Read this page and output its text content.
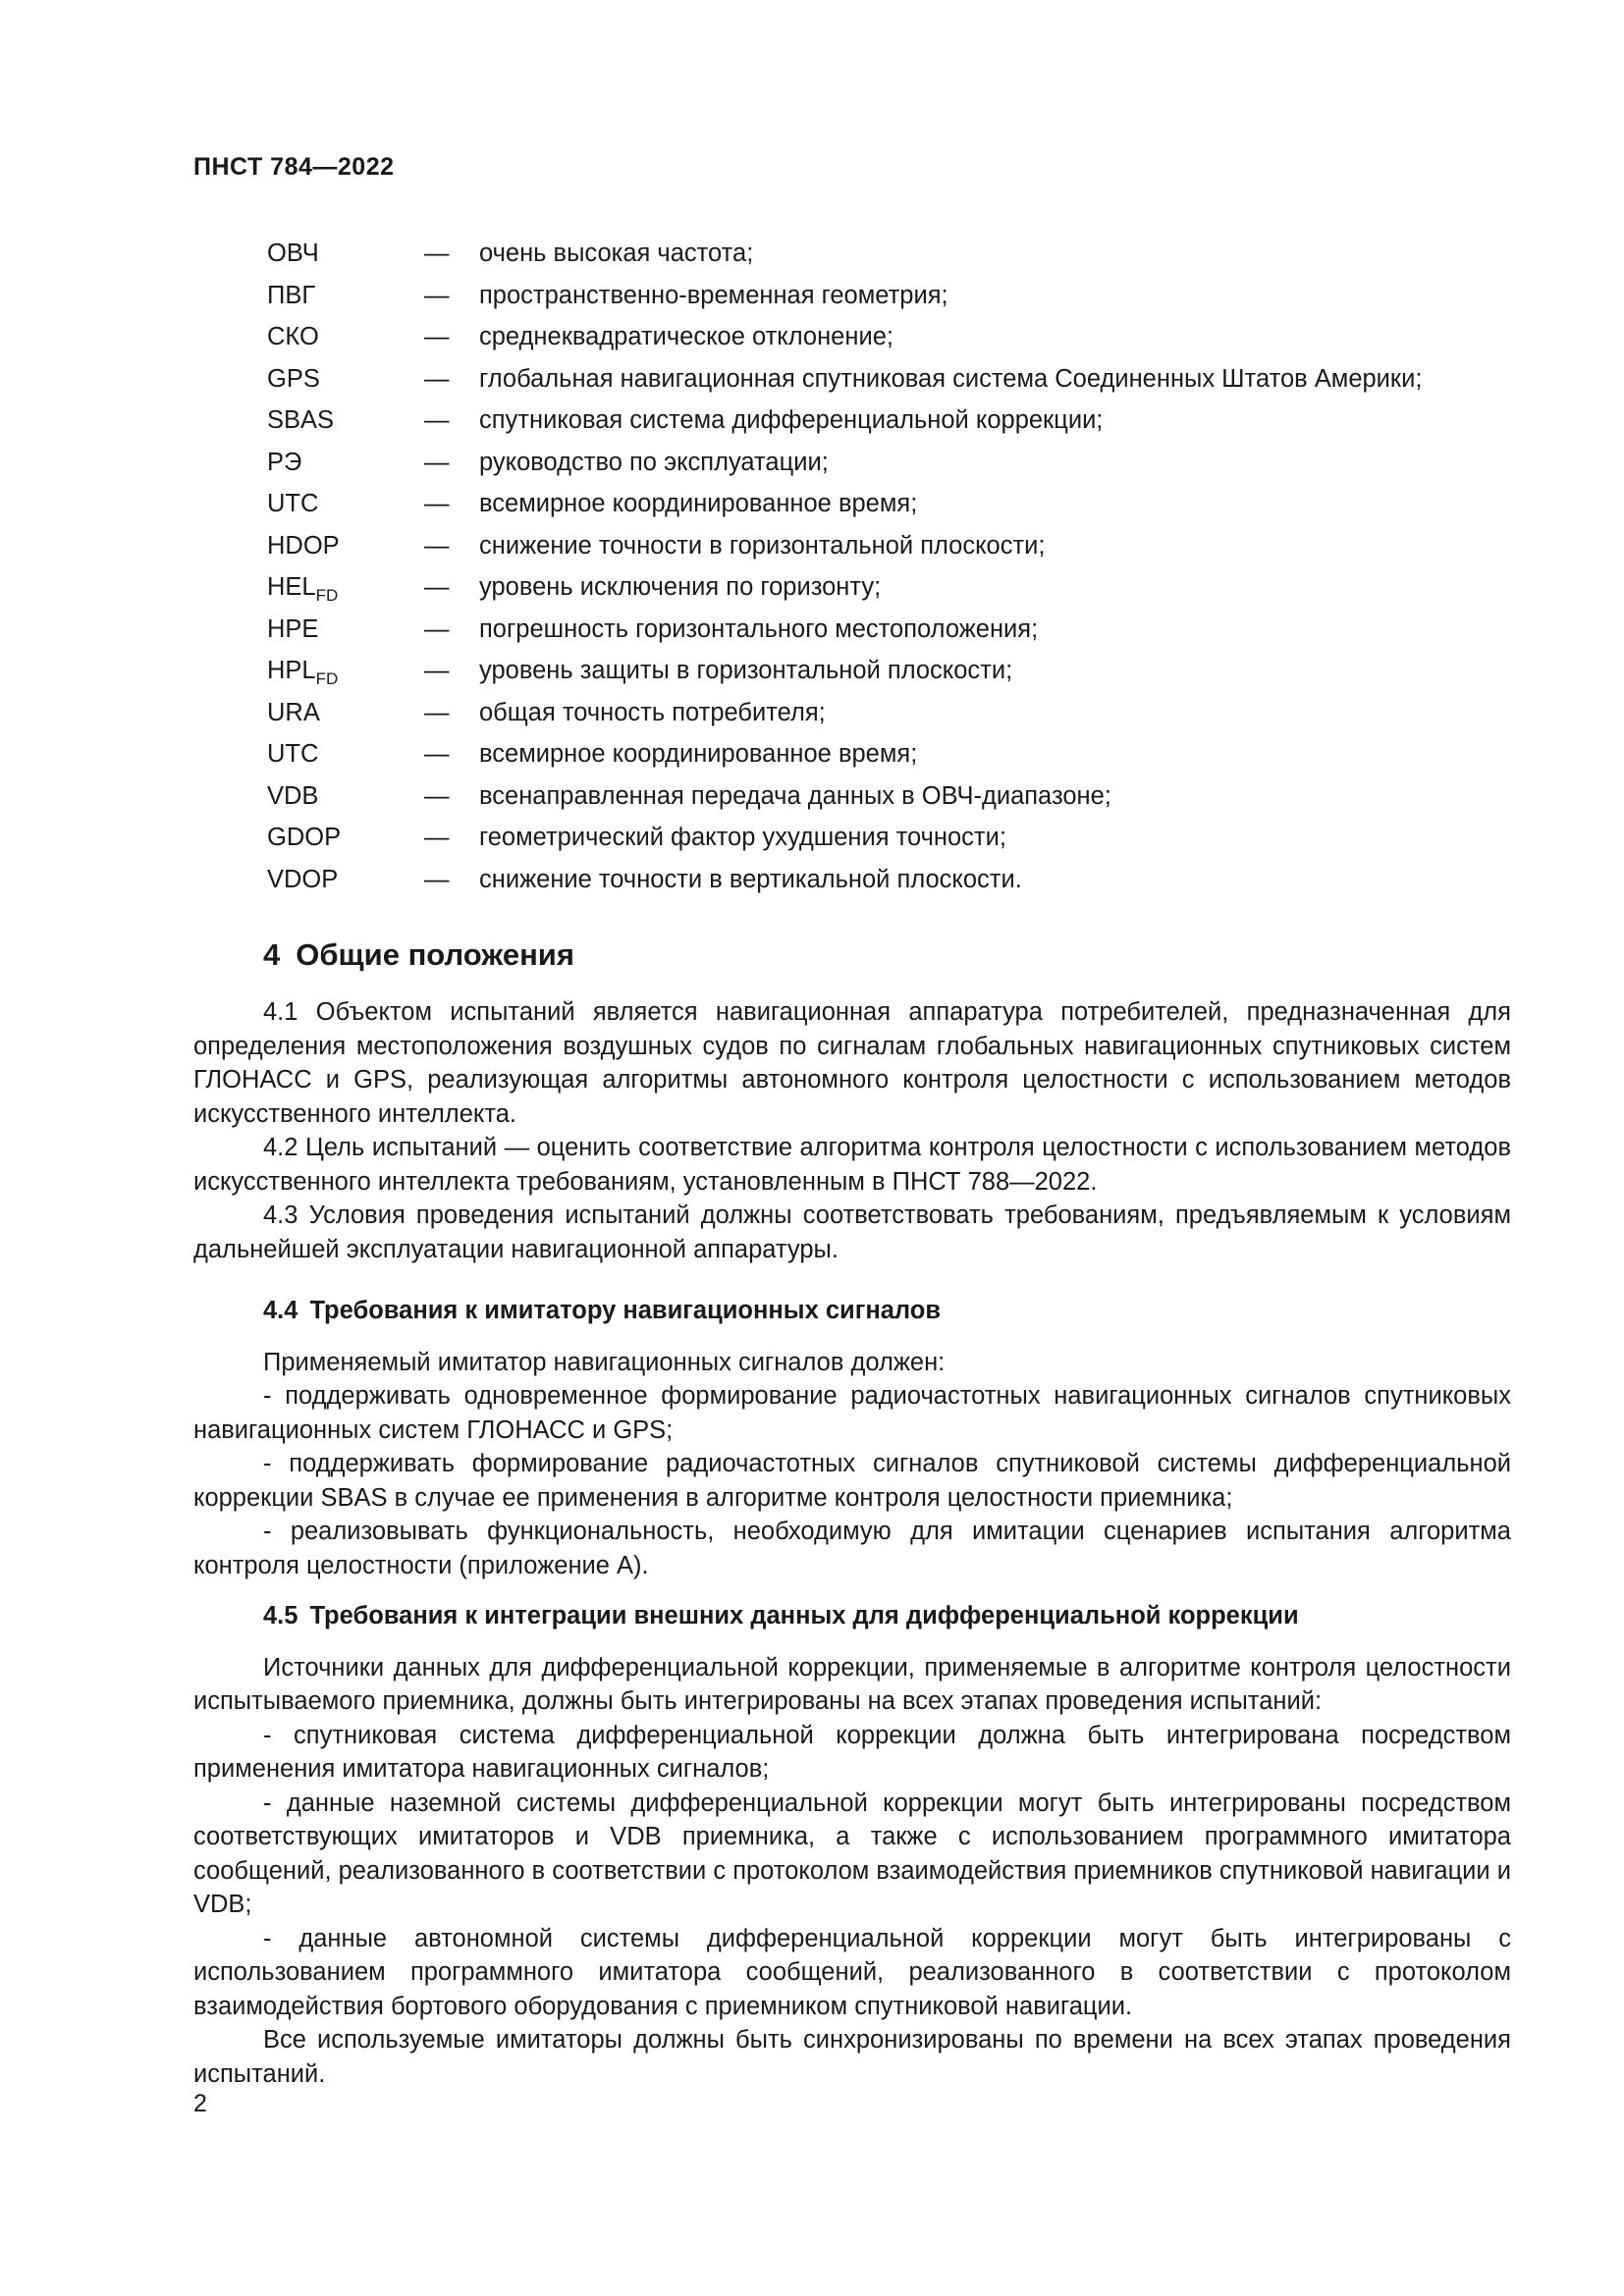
ПНСТ 784—2022
ОВЧ	—	очень высокая частота;
ПВГ	—	пространственно-временная геометрия;
СКО	—	среднеквадратическое отклонение;
GPS	—	глобальная навигационная спутниковая система Соединенных Штатов Америки;
SBAS	—	спутниковая система дифференциальной коррекции;
РЭ	—	руководство по эксплуатации;
UTC	—	всемирное координированное время;
HDOP	—	снижение точности в горизонтальной плоскости;
$HEL_{FD}$	—	уровень исключения по горизонту;
HPE	—	погрешность горизонтального местоположения;
$HPL_{FD}$	—	уровень защиты в горизонтальной плоскости;
URA	—	общая точность потребителя;
UTC	—	всемирное координированное время;
VDB	—	всенаправленная передача данных в ОВЧ-диапазоне;
GDOP	—	геометрический фактор ухудшения точности;
VDOP	—	снижение точности в вертикальной плоскости.
4 Общие положения

4.1 Объектом испытаний является навигационная аппаратура потребителей, предназначенная для определения местоположения воздушных судов по сигналам глобальных навигационных спутниковых систем ГЛОНАСС и GPS, реализующая алгоритмы автономного контроля целостности с использованием методов искусственного интеллекта.

4.2 Цель испытаний — оценить соответствие алгоритма контроля целостности с использованием методов искусственного интеллекта требованиям, установленным в ПНСТ 788—2022.

4.3 Условия проведения испытаний должны соответствовать требованиям, предъявляемым к условиям дальнейшей эксплуатации навигационной аппаратуры.

4.4 Требования к имитатору навигационных сигналов

Применяемый имитатор навигационных сигналов должен:

- поддерживать одновременное формирование радиочастотных навигационных сигналов спутниковых навигационных систем ГЛОНАСС и GPS;

- поддерживать формирование радиочастотных сигналов спутниковой системы дифференциальной коррекции SBAS в случае ее применения в алгоритме контроля целостности приемника;

- реализовывать функциональность, необходимую для имитации сценариев испытания алгоритма контроля целостности (приложение А).

4.5 Требования к интеграции внешних данных для дифференциальной коррекции

Источники данных для дифференциальной коррекции, применяемые в алгоритме контроля целостности испытываемого приемника, должны быть интегрированы на всех этапах проведения испытаний:

- спутниковая система дифференциальной коррекции должна быть интегрирована посредством применения имитатора навигационных сигналов;

- данные наземной системы дифференциальной коррекции могут быть интегрированы посредством соответствующих имитаторов и VDB приемника, а также с использованием программного имитатора сообщений, реализованного в соответствии с протоколом взаимодействия приемников спутниковой навигации и VDB;

- данные автономной системы дифференциальной коррекции могут быть интегрированы с использованием программного имитатора сообщений, реализованного в соответствии с протоколом взаимодействия бортового оборудования с приемником спутниковой навигации.

Все используемые имитаторы должны быть синхронизированы по времени на всех этапах проведения испытаний.

2
